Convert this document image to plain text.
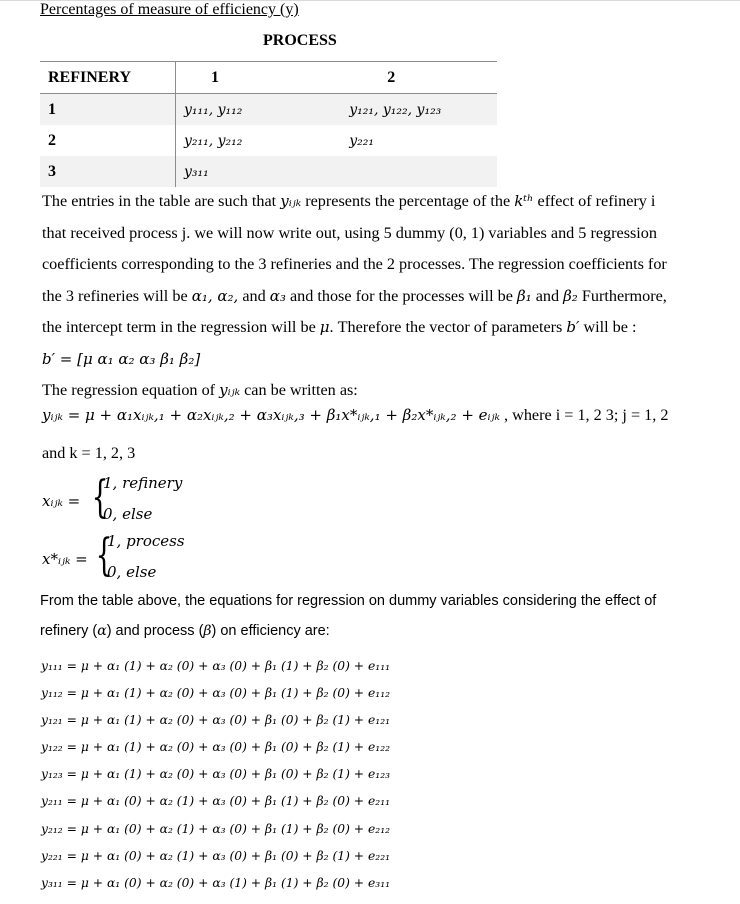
Percentages of measure of efficiency (y)
PROCESS
REFINERY	1	2
1	y₁₁₁, y₁₁₂	y₁₂₁, y₁₂₂, y₁₂₃
2	y₂₁₁, y₂₁₂	y₂₂₁
3	y₃₁₁	

The entries in the table are such that yᵢⱼₖ represents the percentage of the kᵗʰ effect of refinery i

that received process j. we will now write out, using 5 dummy (0, 1) variables and 5 regression

coefficients corresponding to the 3 refineries and the 2 processes. The regression coefficients for

the 3 refineries will be α₁, α₂, and α₃ and those for the processes will be β₁ and β₂ Furthermore,

the intercept term in the regression will be μ. Therefore the vector of parameters b′ will be :

b′ = [μ α₁ α₂ α₃ β₁ β₂]

The regression equation of yᵢⱼₖ can be written as:

yᵢⱼₖ = μ + α₁xᵢⱼₖ,₁ + α₂xᵢⱼₖ,₂ + α₃xᵢⱼₖ,₃ + β₁x*ᵢⱼₖ,₁ + β₂x*ᵢⱼₖ,₂ + eᵢⱼₖ , where i = 1, 2 3; j = 1, 2
and k = 1, 2, 3
xᵢⱼₖ = {
1, refinery
0, else
x*ᵢⱼₖ = {
1, process
0, else
From the table above, the equations for regression on dummy variables considering the effect of
refinery (α) and process (β) on efficiency are:
y₁₁₁ = μ + α₁ (1) + α₂ (0) + α₃ (0) + β₁ (1) + β₂ (0) + e₁₁₁
y₁₁₂ = μ + α₁ (1) + α₂ (0) + α₃ (0) + β₁ (1) + β₂ (0) + e₁₁₂
y₁₂₁ = μ + α₁ (1) + α₂ (0) + α₃ (0) + β₁ (0) + β₂ (1) + e₁₂₁
y₁₂₂ = μ + α₁ (1) + α₂ (0) + α₃ (0) + β₁ (0) + β₂ (1) + e₁₂₂
y₁₂₃ = μ + α₁ (1) + α₂ (0) + α₃ (0) + β₁ (0) + β₂ (1) + e₁₂₃
y₂₁₁ = μ + α₁ (0) + α₂ (1) + α₃ (0) + β₁ (1) + β₂ (0) + e₂₁₁
y₂₁₂ = μ + α₁ (0) + α₂ (1) + α₃ (0) + β₁ (1) + β₂ (0) + e₂₁₂
y₂₂₁ = μ + α₁ (0) + α₂ (1) + α₃ (0) + β₁ (0) + β₂ (1) + e₂₂₁
y₃₁₁ = μ + α₁ (0) + α₂ (0) + α₃ (1) + β₁ (1) + β₂ (0) + e₃₁₁
